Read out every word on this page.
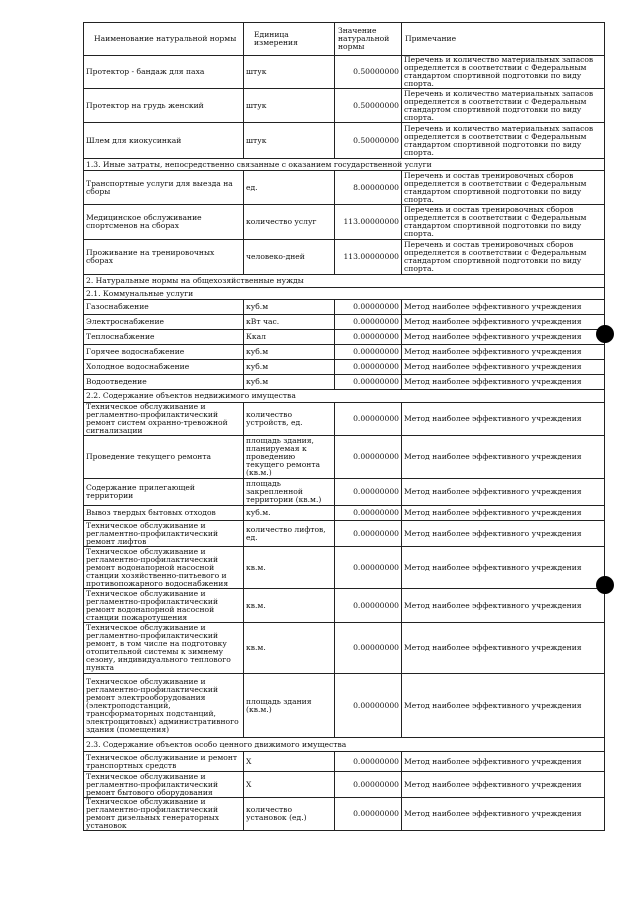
Наименование натуральной нормы	Единица измерения	Значение натуральной нормы	Примечание
Протектор - бандаж для паха	штук	0.50000000	Перечень и количество материальных запасов определяется в соответствии с Федеральным стандартом спортивной подготовки по виду спорта.
Протектор на грудь женский	штук	0.50000000	Перечень и количество материальных запасов определяется в соответствии с Федеральным стандартом спортивной подготовки по виду спорта.
Шлем для киокусинкай	штук	0.50000000	Перечень и количество материальных запасов определяется в соответствии с Федеральным стандартом спортивной подготовки по виду спорта.
1.3. Иные затраты, непосредственно связанные с оказанием государственной услуги			
Транспортные услуги для выезда на сборы	ед.	8.00000000	Перечень и состав тренировочных сборов определяется в соответствии с Федеральным стандартом спортивной подготовки по виду спорта.
Медицинское обслуживание спортсменов на сборах	количество услуг	113.00000000	Перечень и состав тренировочных сборов определяется в соответствии с Федеральным стандартом спортивной подготовки по виду спорта.
Проживание на тренировочных сборах	человеко-дней	113.00000000	Перечень и состав тренировочных сборов определяется в соответствии с Федеральным стандартом спортивной подготовки по виду спорта.
2. Натуральные нормы на общехозяйственные нужды			
2.1. Коммунальные услуги			
Газоснабжение	куб.м	0.00000000	Метод наиболее эффективного учреждения
Электроснабжение	кВт час.	0.00000000	Метод наиболее эффективного учреждения
Теплоснабжение	Ккал	0.00000000	Метод наиболее эффективного учреждения
Горячее водоснабжение	куб.м	0.00000000	Метод наиболее эффективного учреждения
Холодное водоснабжение	куб.м	0.00000000	Метод наиболее эффективного учреждения
Водоотведение	куб.м	0.00000000	Метод наиболее эффективного учреждения
2.2. Содержание объектов недвижимого имущества			
Техническое обслуживание и регламентно-профилактический ремонт систем охранно-тревожной сигнализации	количество устройств, ед.	0.00000000	Метод наиболее эффективного учреждения
Проведение текущего ремонта	площадь здания, планируемая к проведению текущего ремонта (кв.м.)	0.00000000	Метод наиболее эффективного учреждения
Содержание прилегающей территории	площадь закрепленной территории (кв.м.)	0.00000000	Метод наиболее эффективного учреждения
Вывоз твердых бытовых отходов	куб.м.	0.00000000	Метод наиболее эффективного учреждения
Техническое обслуживание и регламентно-профилактический ремонт лифтов	количество лифтов, ед.	0.00000000	Метод наиболее эффективного учреждения
Техническое обслуживание и регламентно-профилактический ремонт водонапорной насосной станции хозяйственно-питьевого и противопожарного водоснабжения	кв.м.	0.00000000	Метод наиболее эффективного учреждения
Техническое обслуживание и регламентно-профилактический ремонт водонапорной насосной станции пожаротушения	кв.м.	0.00000000	Метод наиболее эффективного учреждения
Техническое обслуживание и регламентно-профилактический ремонт, в том числе на подготовку отопительной системы к зимнему сезону, индивидуального теплового пункта	кв.м.	0.00000000	Метод наиболее эффективного учреждения
Техническое обслуживание и регламентно-профилактический ремонт электрооборудования (электроподстанций, трансформаторных подстанций, электрощитовых) административного здания (помещения)	площадь здания (кв.м.)	0.00000000	Метод наиболее эффективного учреждения
2.3. Содержание объектов особо ценного движимого имущества			
Техническое обслуживание и ремонт транспортных средств	Х	0.00000000	Метод наиболее эффективного учреждения
Техническое обслуживание и регламентно-профилактический ремонт бытового оборудования	Х	0.00000000	Метод наиболее эффективного учреждения
Техническое обслуживание и регламентно-профилактический ремонт дизельных генераторных установок	количество установок (ед.)	0.00000000	Метод наиболее эффективного учреждения
